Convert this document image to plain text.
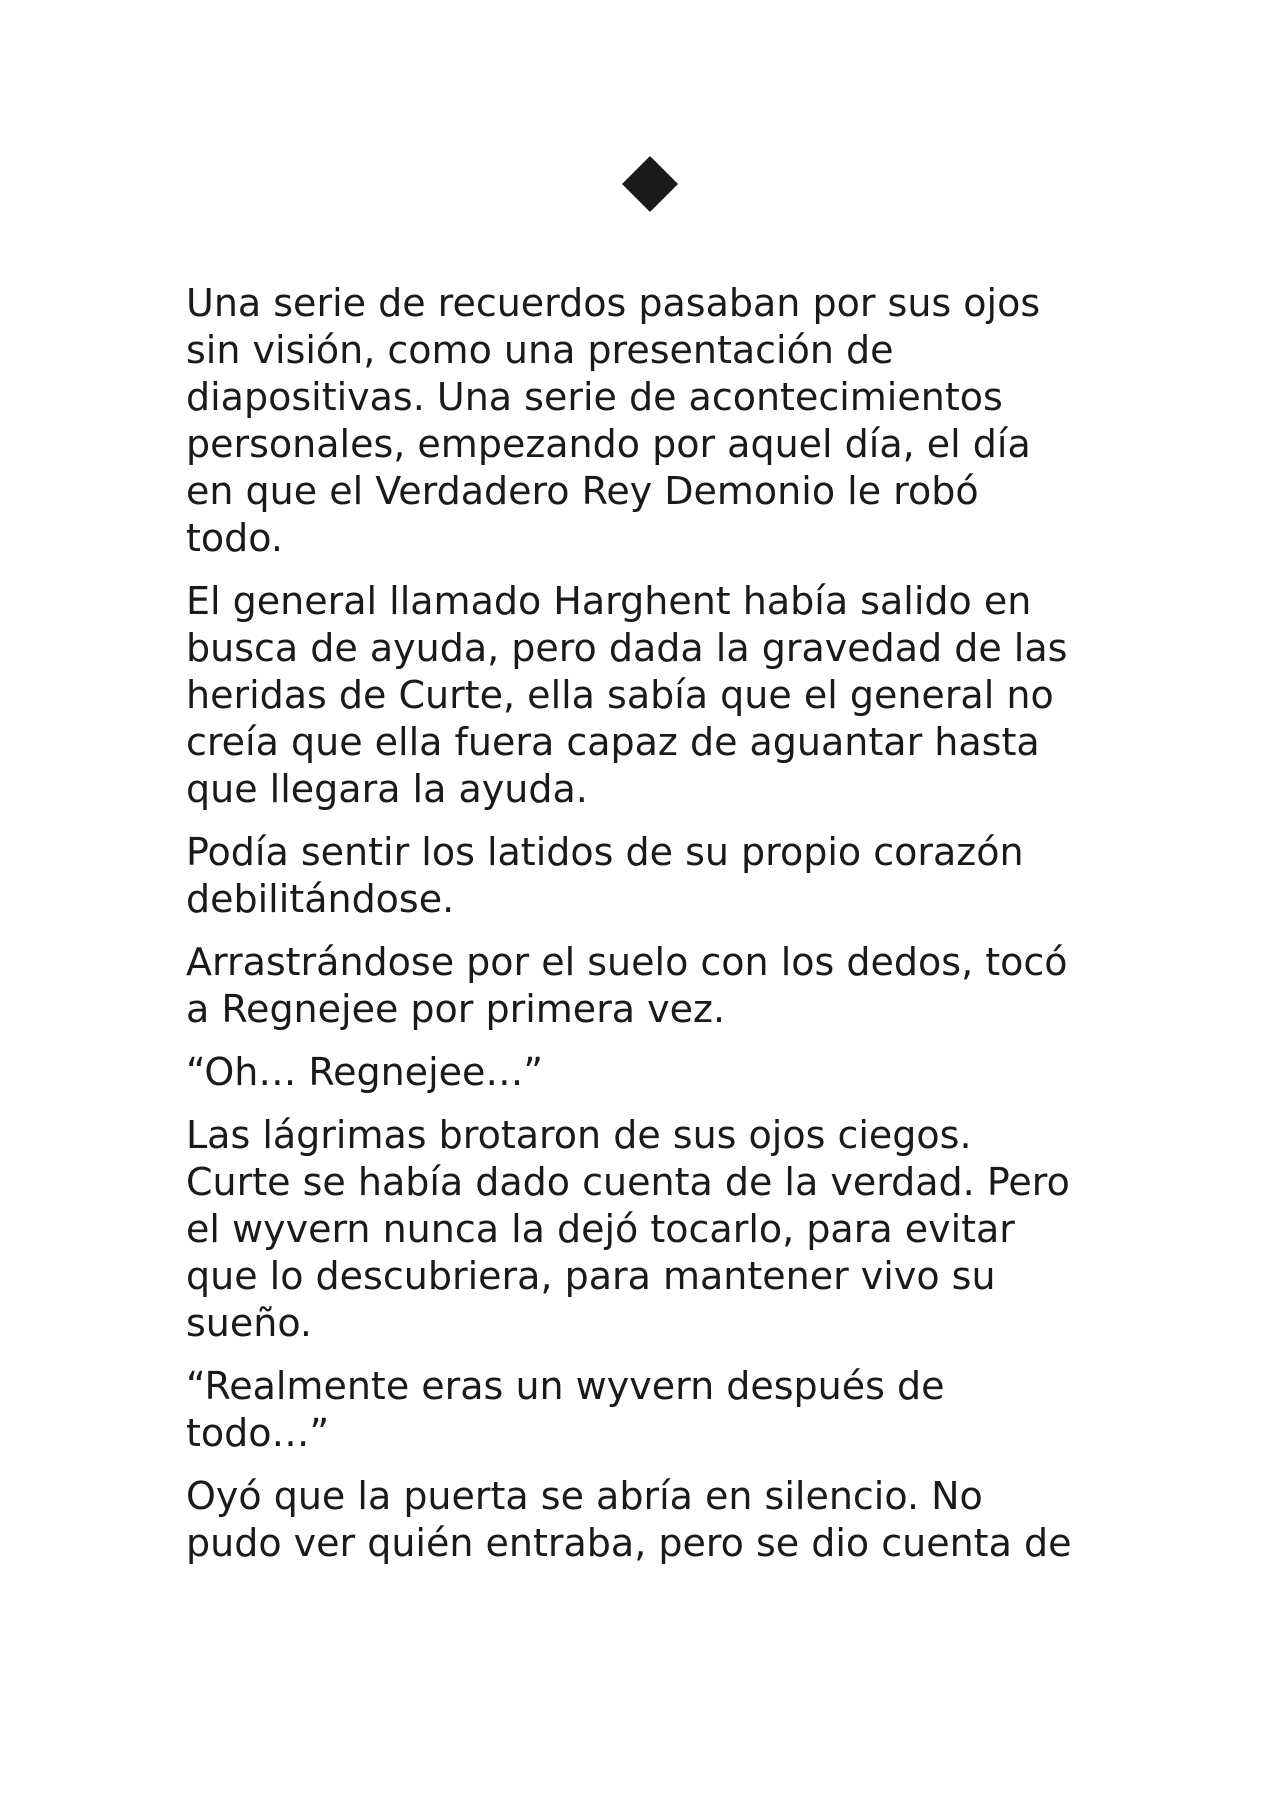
Una serie de recuerdos pasaban por sus ojos
sin visión, como una presentación de
diapositivas. Una serie de acontecimientos
personales, empezando por aquel día, el día
en que el Verdadero Rey Demonio le robó
todo.

El general llamado Harghent había salido en
busca de ayuda, pero dada la gravedad de las
heridas de Curte, ella sabía que el general no
creía que ella fuera capaz de aguantar hasta
que llegara la ayuda.

Podía sentir los latidos de su propio corazón
debilitándose.

Arrastrándose por el suelo con los dedos, tocó
a Regnejee por primera vez.

“Oh… Regnejee…”

Las lágrimas brotaron de sus ojos ciegos.
Curte se había dado cuenta de la verdad. Pero
el wyvern nunca la dejó tocarlo, para evitar
que lo descubriera, para mantener vivo su
sueño.

“Realmente eras un wyvern después de
todo…”

Oyó que la puerta se abría en silencio. No
pudo ver quién entraba, pero se dio cuenta de
